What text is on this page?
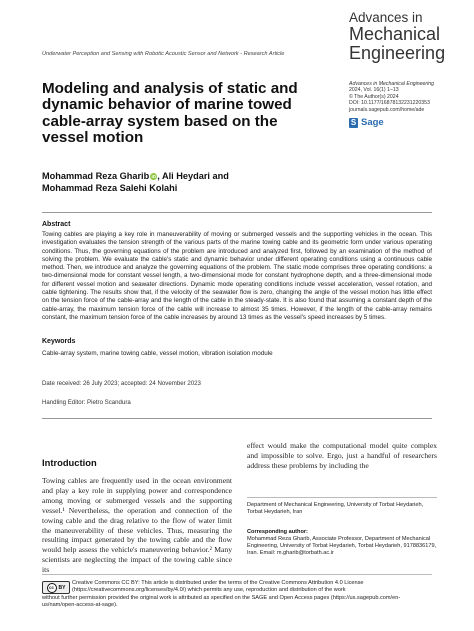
Advances in
Mechanical
Engineering
Advances in Mechanical Engineering
2024, Vol. 16(1) 1–13
© The Author(s) 2024
DOI: 10.1177/16878132231220353
journals.sagepub.com/home/ade
S Sage
Underwater Perception and Sensing with Robotic Acoustic Sensor and Network - Research Article
Modeling and analysis of static and dynamic behavior of marine towed cable-array system based on the vessel motion
Mohammad Reza Gharib iD, Ali Heydari and
Mohammad Reza Salehi Kolahi
Abstract
Towing cables are playing a key role in maneuverability of moving or submerged vessels and the supporting vehicles in the ocean. This investigation evaluates the tension strength of the various parts of the marine towing cable and its geometric form under various operating conditions. Thus, the governing equations of the problem are introduced and analyzed first, followed by an examination of the method of solving the problem. We evaluate the cable's static and dynamic behavior under different operating conditions using a continuous cable method. Then, we introduce and analyze the governing equations of the problem. The static mode comprises three operating conditions: a two-dimensional mode for constant vessel length, a two-dimensional mode for constant hydrophone depth, and a three-dimensional mode for different vessel motion and seawater directions. Dynamic mode operating conditions include vessel acceleration, vessel rotation, and cable tightening. The results show that, if the velocity of the seawater flow is zero, changing the angle of the vessel motion has little effect on the tension force of the cable-array and the length of the cable in the steady-state. It is also found that assuming a constant depth of the cable-array, the maximum tension force of the cable will increase to almost 35 times. However, if the length of the cable-array remains constant, the maximum tension force of the cable increases by around 13 times as the vessel's speed increases by 5 times.
Keywords
Cable-array system, marine towing cable, vessel motion, vibration isolation module
Date received: 26 July 2023; accepted: 24 November 2023
Handling Editor: Pietro Scandura
Introduction
Towing cables are frequently used in the ocean environment and play a key role in supplying power and correspondence among moving or submerged vessels and the supporting vessel.¹ Nevertheless, the operation and connection of the towing cable and the drag relative to the flow of water limit the maneuverability of these vehicles. Thus, measuring the resulting impact generated by the towing cable and the flow would help assess the vehicle's maneuvering behavior.² Many scientists are neglecting the impact of the towing cable since its
effect would make the computational model quite complex and impossible to solve. Ergo, just a handful of researchers address these problems by including the
Department of Mechanical Engineering, University of Torbat Heydarieh, Torbat Heydarieh, Iran
Corresponding author:
Mohammad Reza Gharib, Associate Professor, Department of Mechanical Engineering, University of Torbat Heydarieh, Torbat Heydarieh, 9178836179, Iran. Email: m.gharib@torbath.ac.ir
cc BY
Creative Commons CC BY: This article is distributed under the terms of the Creative Commons Attribution 4.0 License (https://creativecommons.org/licenses/by/4.0/) which permits any use, reproduction and distribution of the work
without further permission provided the original work is attributed as specified on the SAGE and Open Access pages (https://us.sagepub.com/en-us/nam/open-access-at-sage).
